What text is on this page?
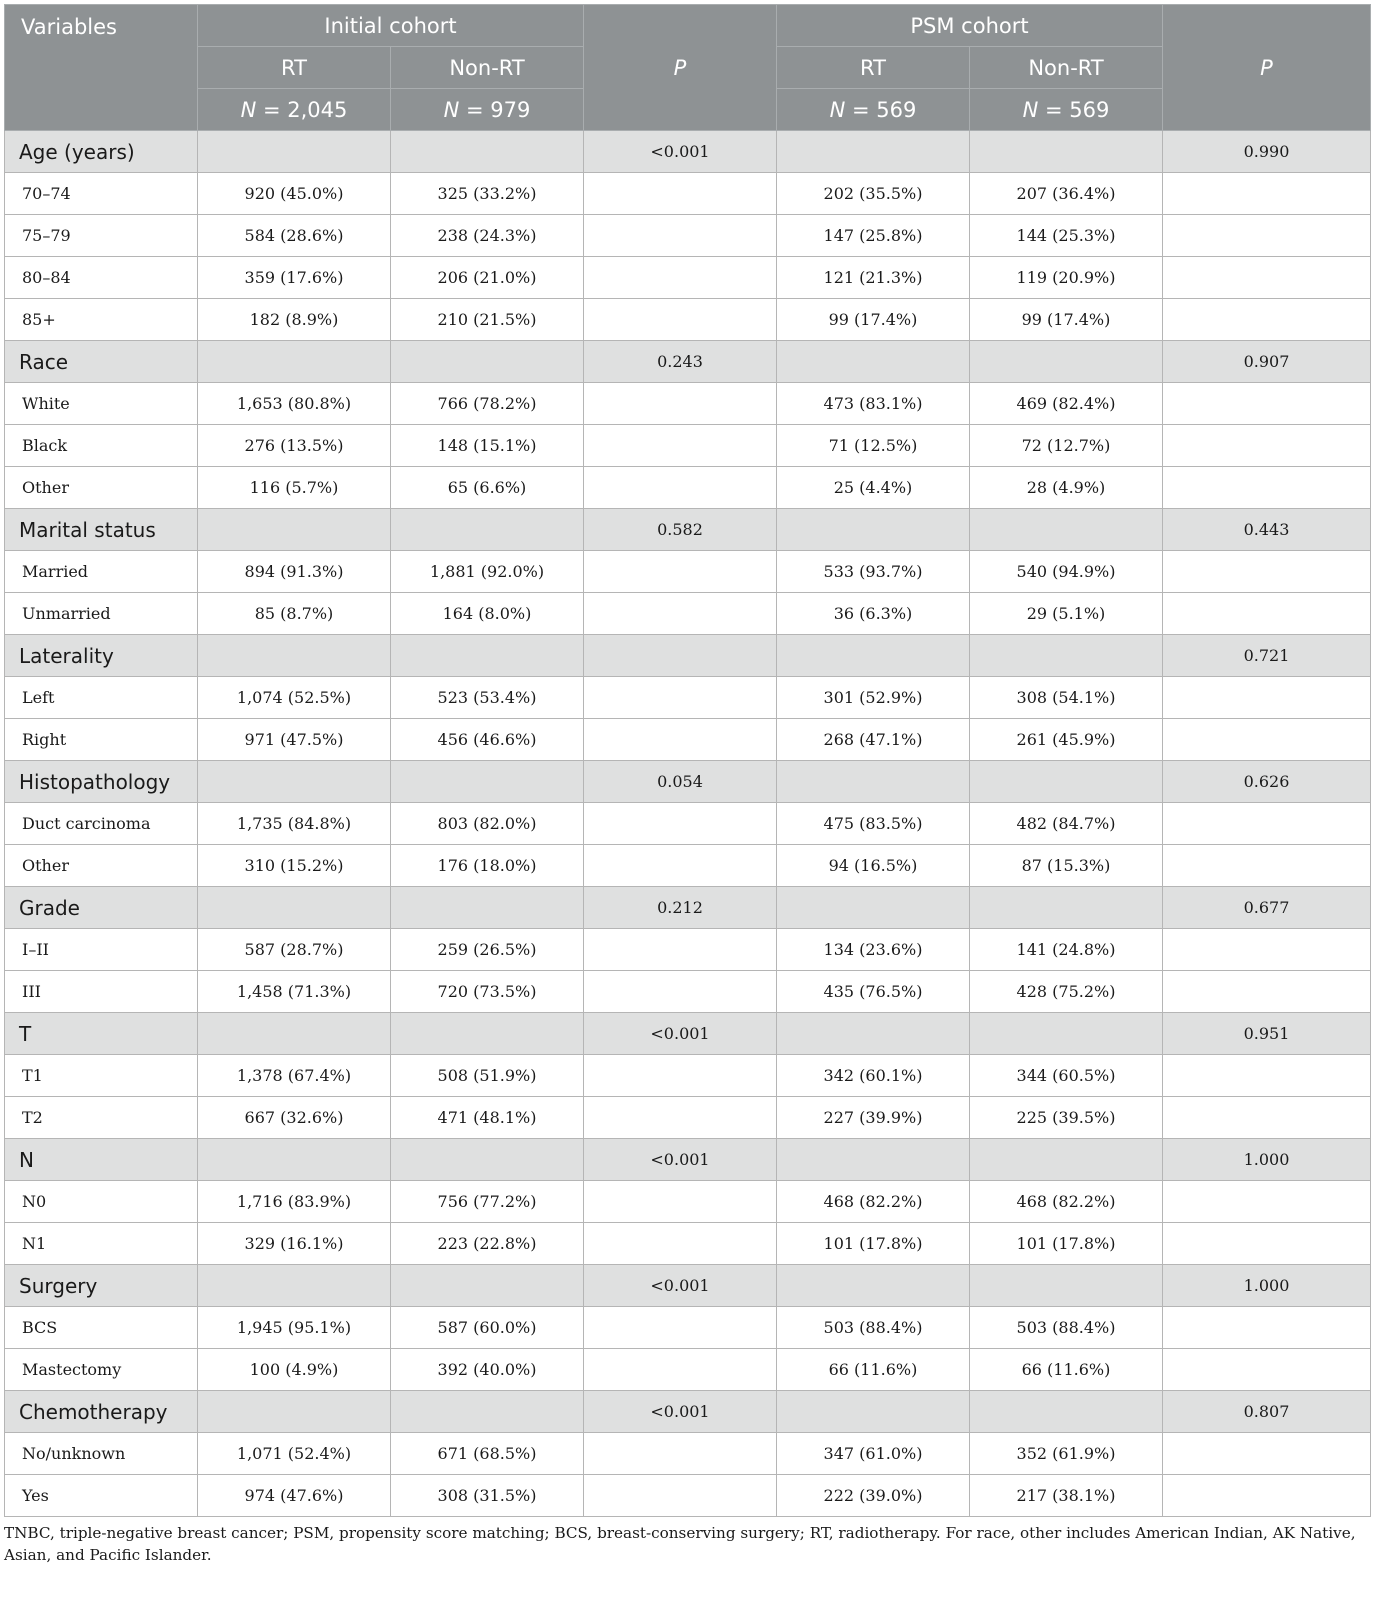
Variables	Initial cohort		P	PSM cohort		P
	RT	Non-RT		RT	Non-RT	
	N = 2,045	N = 979		N = 569	N = 569	
Age (years)			<0.001			0.990
70–74	920 (45.0%)	325 (33.2%)		202 (35.5%)	207 (36.4%)	
75–79	584 (28.6%)	238 (24.3%)		147 (25.8%)	144 (25.3%)	
80–84	359 (17.6%)	206 (21.0%)		121 (21.3%)	119 (20.9%)	
85+	182 (8.9%)	210 (21.5%)		99 (17.4%)	99 (17.4%)	
Race			0.243			0.907
White	1,653 (80.8%)	766 (78.2%)		473 (83.1%)	469 (82.4%)	
Black	276 (13.5%)	148 (15.1%)		71 (12.5%)	72 (12.7%)	
Other	116 (5.7%)	65 (6.6%)		25 (4.4%)	28 (4.9%)	
Marital status			0.582			0.443
Married	894 (91.3%)	1,881 (92.0%)		533 (93.7%)	540 (94.9%)	
Unmarried	85 (8.7%)	164 (8.0%)		36 (6.3%)	29 (5.1%)	
Laterality						0.721
Left	1,074 (52.5%)	523 (53.4%)		301 (52.9%)	308 (54.1%)	
Right	971 (47.5%)	456 (46.6%)		268 (47.1%)	261 (45.9%)	
Histopathology			0.054			0.626
Duct carcinoma	1,735 (84.8%)	803 (82.0%)		475 (83.5%)	482 (84.7%)	
Other	310 (15.2%)	176 (18.0%)		94 (16.5%)	87 (15.3%)	
Grade			0.212			0.677
I–II	587 (28.7%)	259 (26.5%)		134 (23.6%)	141 (24.8%)	
III	1,458 (71.3%)	720 (73.5%)		435 (76.5%)	428 (75.2%)	
T			<0.001			0.951
T1	1,378 (67.4%)	508 (51.9%)		342 (60.1%)	344 (60.5%)	
T2	667 (32.6%)	471 (48.1%)		227 (39.9%)	225 (39.5%)	
N			<0.001			1.000
N0	1,716 (83.9%)	756 (77.2%)		468 (82.2%)	468 (82.2%)	
N1	329 (16.1%)	223 (22.8%)		101 (17.8%)	101 (17.8%)	
Surgery			<0.001			1.000
BCS	1,945 (95.1%)	587 (60.0%)		503 (88.4%)	503 (88.4%)	
Mastectomy	100 (4.9%)	392 (40.0%)		66 (11.6%)	66 (11.6%)	
Chemotherapy			<0.001			0.807
No/unknown	1,071 (52.4%)	671 (68.5%)		347 (61.0%)	352 (61.9%)	
Yes	974 (47.6%)	308 (31.5%)		222 (39.0%)	217 (38.1%)	
TNBC, triple-negative breast cancer; PSM, propensity score matching; BCS, breast-conserving surgery; RT, radiotherapy. For race, other includes American Indian, AK Native, Asian, and Pacific Islander.
